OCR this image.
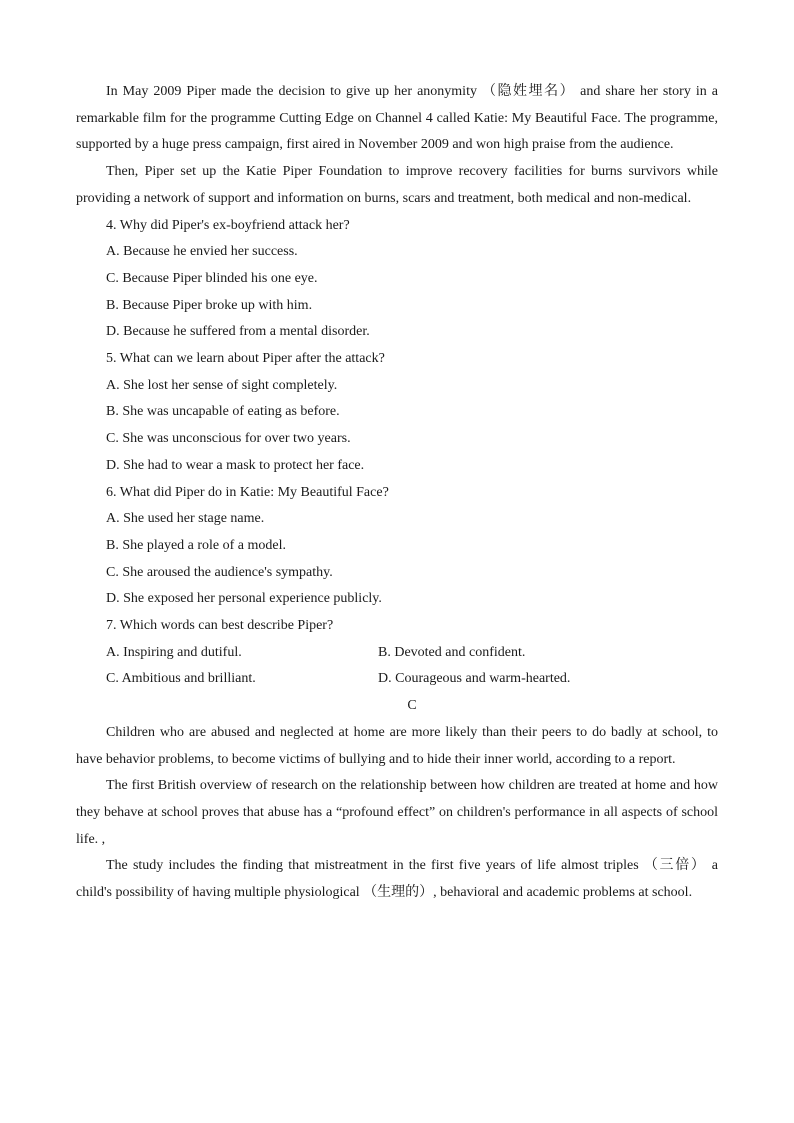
In May 2009 Piper made the decision to give up her anonymity （隐姓埋名） and share her story in a remarkable film for the programme Cutting Edge on Channel 4 called Katie: My Beautiful Face. The programme, supported by a huge press campaign, first aired in November 2009 and won high praise from the audience.

Then, Piper set up the Katie Piper Foundation to improve recovery facilities for burns survivors while providing a network of support and information on burns, scars and treatment, both medical and non-medical.

4. Why did Piper's ex-boyfriend attack her?

A. Because he envied her success.

C. Because Piper blinded his one eye.

B. Because Piper broke up with him.

D. Because he suffered from a mental disorder.

5. What can we learn about Piper after the attack?

A. She lost her sense of sight completely.

B. She was uncapable of eating as before.

C. She was unconscious for over two years.

D. She had to wear a mask to protect her face.

6. What did Piper do in Katie: My Beautiful Face?

A. She used her stage name.

B. She played a role of a model.

C. She aroused the audience's sympathy.

D. She exposed her personal experience publicly.

7. Which words can best describe Piper?

A. Inspiring and dutiful.	B. Devoted and confident.
C. Ambitious and brilliant.	D. Courageous and warm-hearted.

C

Children who are abused and neglected at home are more likely than their peers to do badly at school, to have behavior problems, to become victims of bullying and to hide their inner world, according to a report.

The first British overview of research on the relationship between how children are treated at home and how they behave at school proves that abuse has a “profound effect” on children's performance in all aspects of school life. ,

The study includes the finding that mistreatment in the first five years of life almost triples （三倍） a child's possibility of having multiple physiological （生理的）, behavioral and academic problems at school.
